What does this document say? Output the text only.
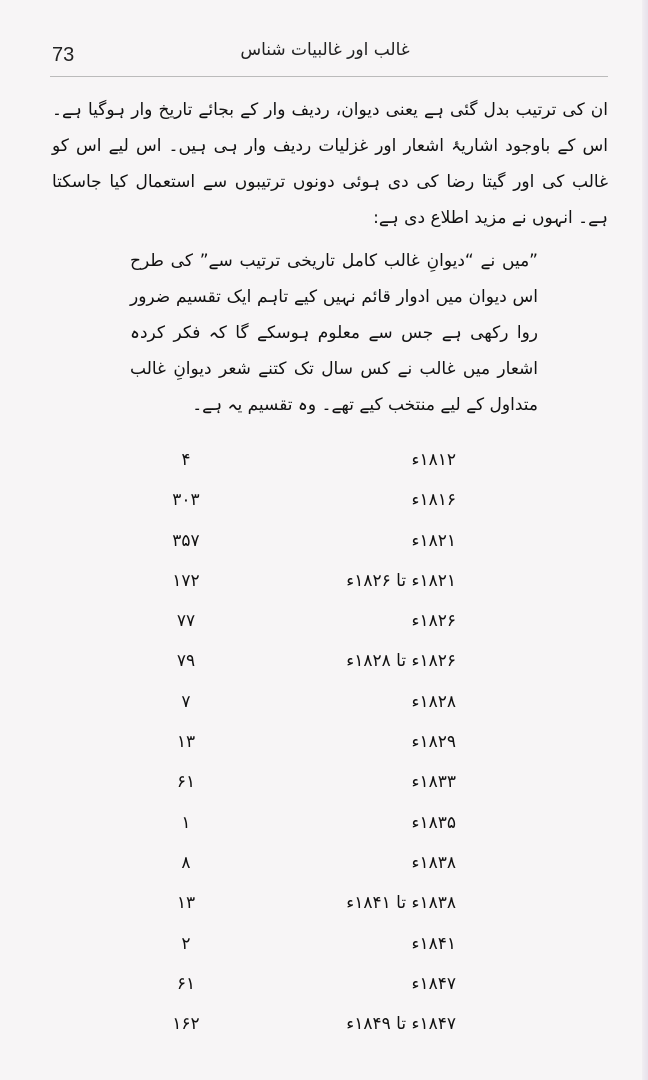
73	غالب اور غالبیات شناس
ان کی ترتیب بدل گئی ہے یعنی دیوان، ردیف وار کے بجائے تاریخ وار ہوگیا ہے۔ اس کے باوجود اشاریۂ اشعار اور غزلیات ردیف وار ہی ہیں۔ اس لیے اس کو غالب کی اور گیتا رضا کی دی ہوئی دونوں ترتیبوں سے استعمال کیا جاسکتا ہے۔ انہوں نے مزید اطلاع دی ہے:
”میں نے “دیوانِ غالب کامل تاریخی ترتیب سے” کی طرح اس دیوان میں ادوار قائم نہیں کیے تاہم ایک تقسیم ضرور روا رکھی ہے جس سے معلوم ہوسکے گا کہ فکر کردہ اشعار میں غالب نے کس سال تک کتنے شعر دیوانِ غالب متداول کے لیے منتخب کیے تھے۔ وہ تقسیم یہ ہے۔
۱۸۱۲ء
۴
۱۸۱۶ء
۳۰۳
۱۸۲۱ء
۳۵۷
۱۸۲۱ء تا ۱۸۲۶ء
۱۷۲
۱۸۲۶ء
۷۷
۱۸۲۶ء تا ۱۸۲۸ء
۷۹
۱۸۲۸ء
۷
۱۸۲۹ء
۱۳
۱۸۳۳ء
۶۱
۱۸۳۵ء
۱
۱۸۳۸ء
۸
۱۸۳۸ء تا ۱۸۴۱ء
۱۳
۱۸۴۱ء
۲
۱۸۴۷ء
۶۱
۱۸۴۷ء تا ۱۸۴۹ء
۱۶۲
